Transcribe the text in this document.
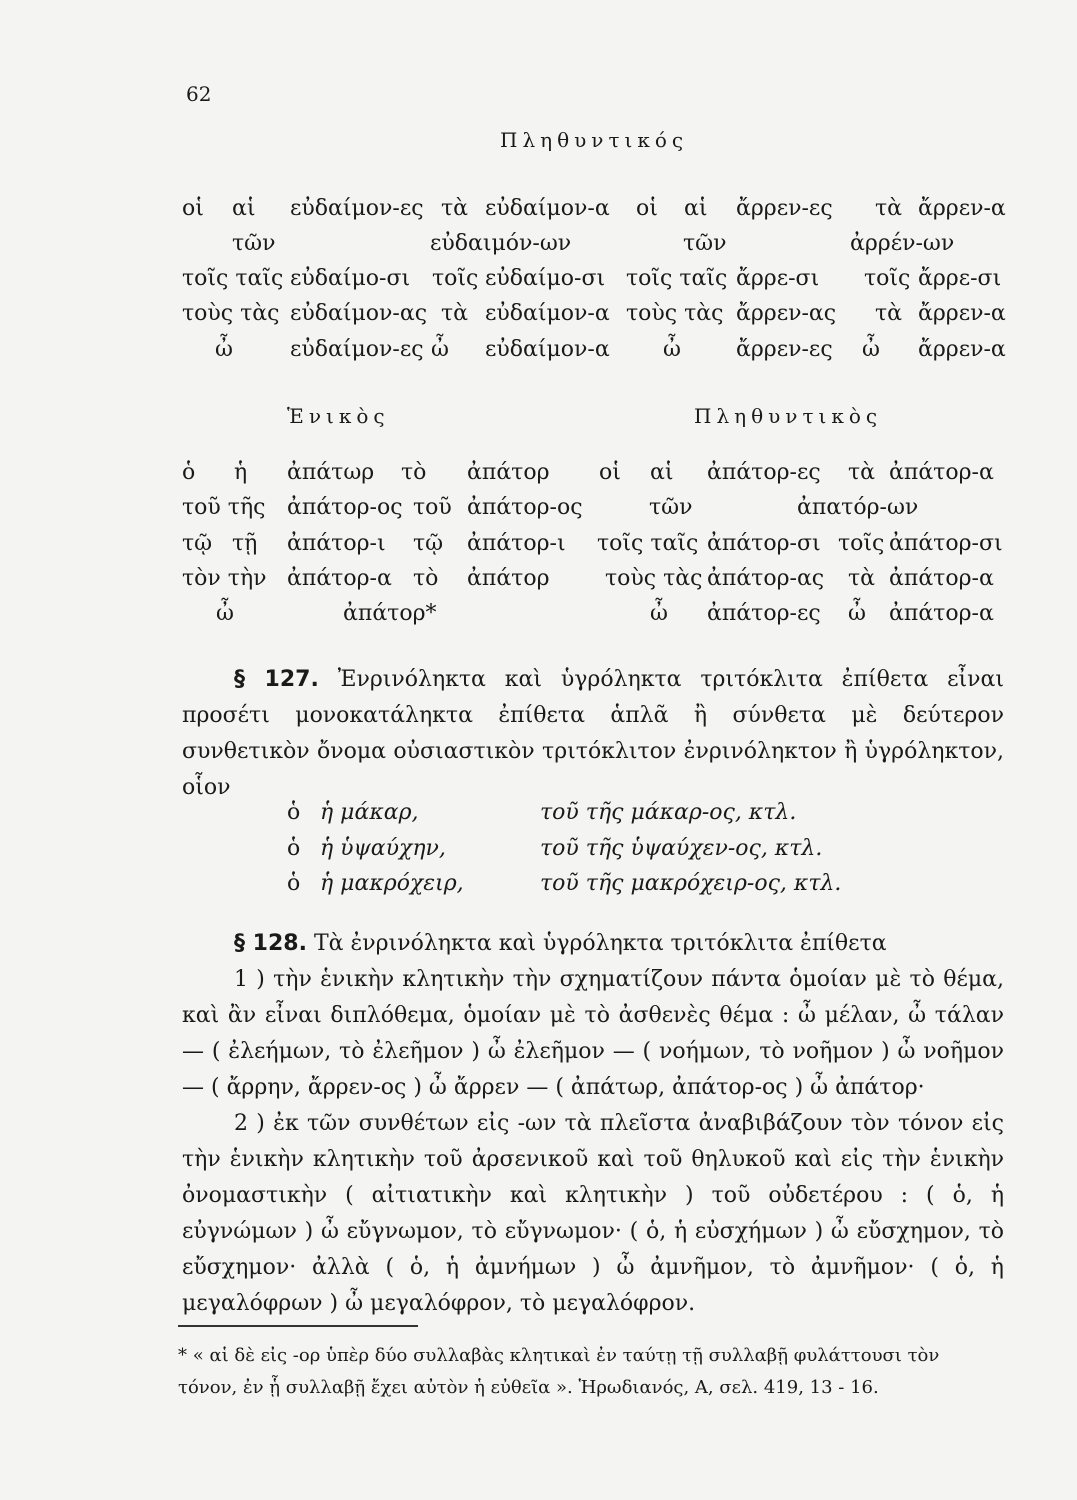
62
Πληθυντικός
οἱ αἱ εὐδαίμον-ες τὰ εὐδαίμον-α οἱ αἱ ἄρρεν-ες τὰ ἄρρεν-α
τῶν	εὐδαιμόν-ων	τῶν	ἀρρέν-ων
τοῖς ταῖς εὐδαίμο-σι τοῖς εὐδαίμο-σι τοῖς ταῖς ἄρρε-σι τοῖς ἄρρε-σι
τοὺς τὰς εὐδαίμον-ας τὰ εὐδαίμον-α τοὺς τὰς ἄρρεν-ας τὰ ἄρρεν-α
ὦ	εὐδαίμον-ες ὦ εὐδαίμον-α ὦ	ἄρρεν-ες ὦ ἄρρεν-α
Ἑνικὸς	Πληθυντικὸς
ὁ ἡ ἀπάτωρ τὸ ἀπάτορ οἱ αἱ ἀπάτορ-ες τὰ ἀπάτορ-α
τοῦ τῆς ἀπάτορ-ος τοῦ ἀπάτορ-ος	τῶν	ἀπατόρ-ων
τῷ τῇ ἀπάτορ-ι τῷ ἀπάτορ-ι τοῖς ταῖς ἀπάτορ-σι τοῖς ἀπάτορ-σι
τὸν τὴν ἀπάτορ-α τὸ ἀπάτορ	τοὺς τὰς ἀπάτορ-ας τὰ ἀπάτορ-α
ὦ	ἀπάτορ*	ὦ ἀπάτορ-ες ὦ ἀπάτορ-α

§ 127. Ἐνρινόληκτα καὶ ὑγρόληκτα τριτόκλιτα ἐπίθετα εἶναι προσέτι μονοκατάληκτα ἐπίθετα ἁπλᾶ ἢ σύνθετα μὲ δεύτερον συνθετικὸν ὄνομα οὐσιαστικὸν τριτόκλιτον ἐνρινόληκτον ἢ ὑγρόληκτον, οἷον

ὁ ἡ μάκαρ,	τοῦ τῆς μάκαρ-ος, κτλ.
ὁ ἡ ὑψαύχην,	τοῦ τῆς ὑψαύχεν-ος, κτλ.
ὁ ἡ μακρόχειρ,	τοῦ τῆς μακρόχειρ-ος, κτλ.

§ 128. Τὰ ἐνρινόληκτα καὶ ὑγρόληκτα τριτόκλιτα ἐπίθετα

1 ) τὴν ἑνικὴν κλητικὴν τὴν σχηματίζουν πάντα ὁμοίαν μὲ τὸ θέμα, καὶ ἂν εἶναι διπλόθεμα, ὁμοίαν μὲ τὸ ἀσθενὲς θέμα : ὦ μέλαν, ὦ τάλαν — ( ἐλεήμων, τὸ ἐλεῆμον ) ὦ ἐλεῆμον — ( νοήμων, τὸ νοῆμον ) ὦ νοῆμον — ( ἄρρην, ἄρρεν-ος ) ὦ ἄρρεν — ( ἀπάτωρ, ἀπάτορ-ος ) ὦ ἀπάτορ·

2 ) ἐκ τῶν συνθέτων εἰς -ων τὰ πλεῖστα ἀναβιβάζουν τὸν τόνον εἰς τὴν ἑνικὴν κλητικὴν τοῦ ἀρσενικοῦ καὶ τοῦ θηλυκοῦ καὶ εἰς τὴν ἑνικὴν ὀνομαστικὴν ( αἰτιατικὴν καὶ κλητικὴν ) τοῦ οὐδετέρου : ( ὁ, ἡ εὐγνώμων ) ὦ εὔγνωμον, τὸ εὔγνωμον· ( ὁ, ἡ εὐσχήμων ) ὦ εὔσχημον, τὸ εὔσχημον· ἀλλὰ ( ὁ, ἡ ἀμνήμων ) ὦ ἀμνῆμον, τὸ ἀμνῆμον· ( ὁ, ἡ μεγαλόφρων ) ὦ μεγαλόφρον, τὸ μεγαλόφρον.

* « αἱ δὲ εἰς -ορ ὑπὲρ δύο συλλαβὰς κλητικαὶ ἐν ταύτῃ τῇ συλλαβῇ φυλάττουσι τὸν τόνον, ἐν ᾗ συλλαβῇ ἔχει αὐτὸν ἡ εὐθεῖα ». Ἡρωδιανός, Α, σελ. 419, 13 - 16.
